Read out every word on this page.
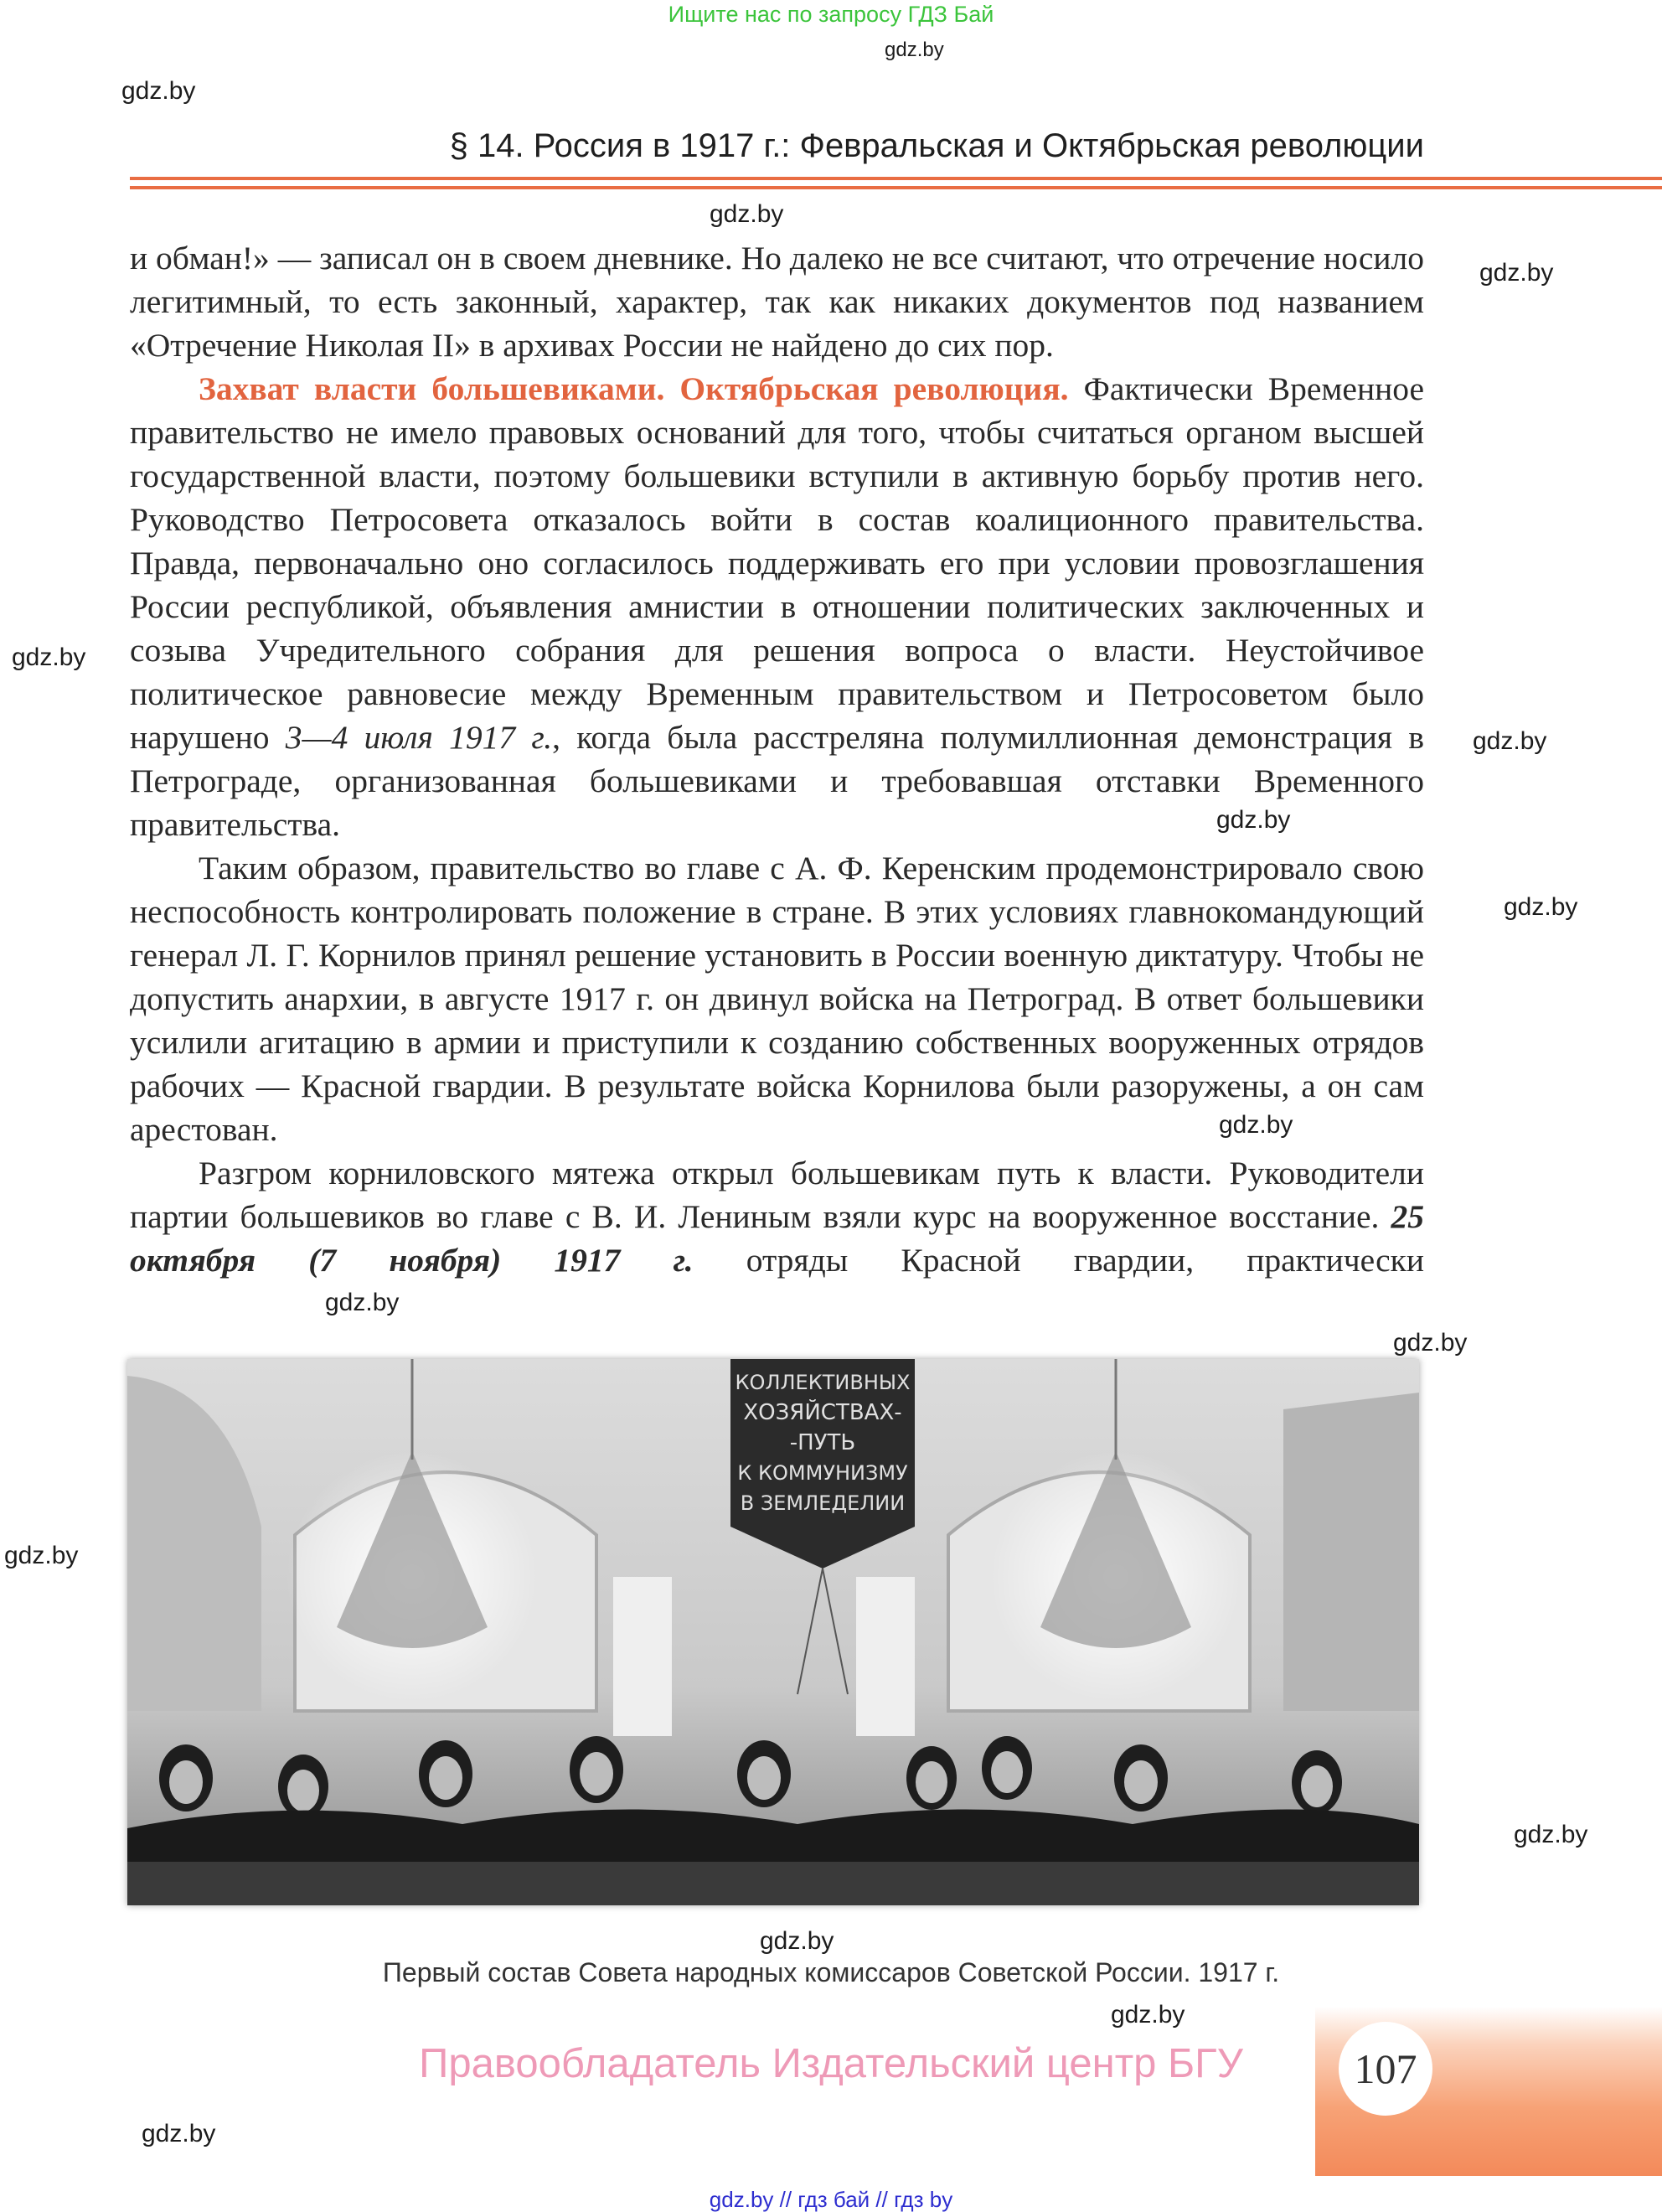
Ищите нас по запросу ГДЗ Бай
gdz.by
gdz.by
gdz.by
gdz.by
gdz.by
gdz.by
gdz.by
gdz.by
gdz.by
gdz.by
gdz.by
gdz.by
gdz.by
gdz.by
gdz.by
gdz.by
§ 14. Россия в 1917 г.: Февральская и Октябрьская революции
и обман!» — записал он в своем дневнике. Но далеко не все считают, что отречение носило легитимный, то есть законный, характер, так как никаких документов под названием «Отречение Николая II» в архивах России не найдено до сих пор.
Захват власти большевиками. Октябрьская революция. Фактически Временное правительство не имело правовых оснований для того, чтобы считаться органом высшей государственной власти, поэтому большевики вступили в активную борьбу против него. Руководство Петросовета отказалось войти в состав коалиционного правительства. Правда, первоначально оно согласилось поддерживать его при условии провозглашения России республикой, объявления амнистии в отношении политических заключенных и созыва Учредительного собрания для решения вопроса о власти. Неустойчивое политическое равновесие между Временным правительством и Петросоветом было нарушено 3—4 июля 1917 г., когда была расстреляна полумиллионная демонстрация в Петрограде, организованная большевиками и требовавшая отставки Временного правительства.
Таким образом, правительство во главе с А. Ф. Керенским продемонстрировало свою неспособность контролировать положение в стране. В этих условиях главнокомандующий генерал Л. Г. Корнилов принял решение установить в России военную диктатуру. Чтобы не допустить анархии, в августе 1917 г. он двинул войска на Петроград. В ответ большевики усилили агитацию в армии и приступили к созданию собственных вооруженных отрядов рабочих — Красной гвардии. В результате войска Корнилова были разоружены, а он сам арестован.
Разгром корниловского мятежа открыл большевикам путь к власти. Руководители партии большевиков во главе с В. И. Лениным взяли курс на вооруженное восстание. 25 октября (7 ноября) 1917 г. отряды Красной гвардии, практически
КОЛЛЕКТИВНЫХ
ХОЗЯЙСТВАХ-
-ПУТЬ
К КОММУНИЗМУ
В ЗЕМЛЕДЕЛИИ
Первый состав Совета народных комиссаров Советской России. 1917 г.
107
Правообладатель Издательский центр БГУ
gdz.by // гдз бай // гдз by
